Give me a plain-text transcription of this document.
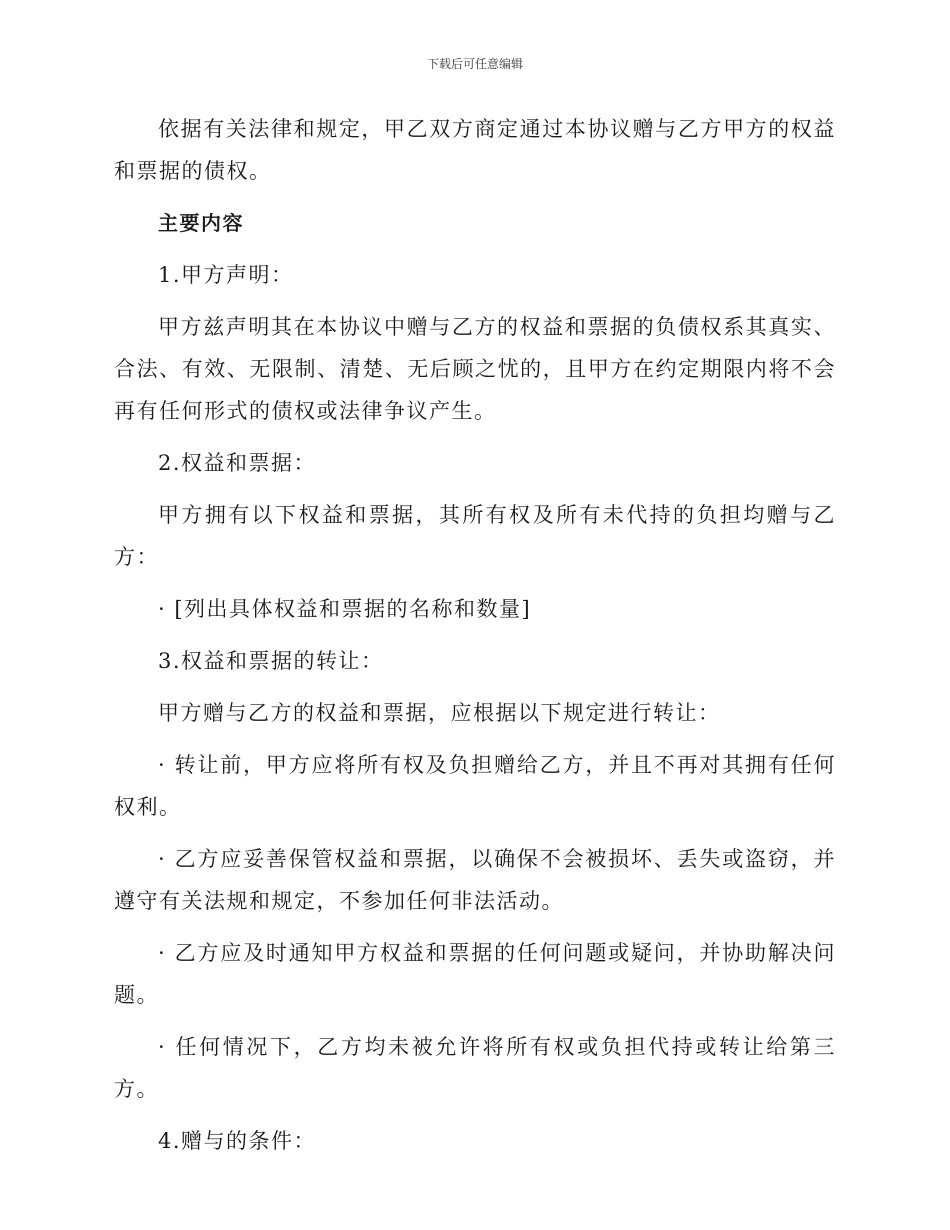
下载后可任意编辑

依据有关法律和规定，甲乙双方商定通过本协议赠与乙方甲方的权益和票据的债权。

主要内容

1.甲方声明：

甲方兹声明其在本协议中赠与乙方的权益和票据的负债权系其真实、合法、有效、无限制、清楚、无后顾之忧的，且甲方在约定期限内将不会再有任何形式的债权或法律争议产生。

2.权益和票据：

甲方拥有以下权益和票据，其所有权及所有未代持的负担均赠与乙方：

· [列出具体权益和票据的名称和数量]

3.权益和票据的转让：

甲方赠与乙方的权益和票据，应根据以下规定进行转让：

· 转让前，甲方应将所有权及负担赠给乙方，并且不再对其拥有任何权利。

· 乙方应妥善保管权益和票据，以确保不会被损坏、丢失或盗窃，并遵守有关法规和规定，不参加任何非法活动。

· 乙方应及时通知甲方权益和票据的任何问题或疑问，并协助解决问题。

· 任何情况下，乙方均未被允许将所有权或负担代持或转让给第三方。

4.赠与的条件：
